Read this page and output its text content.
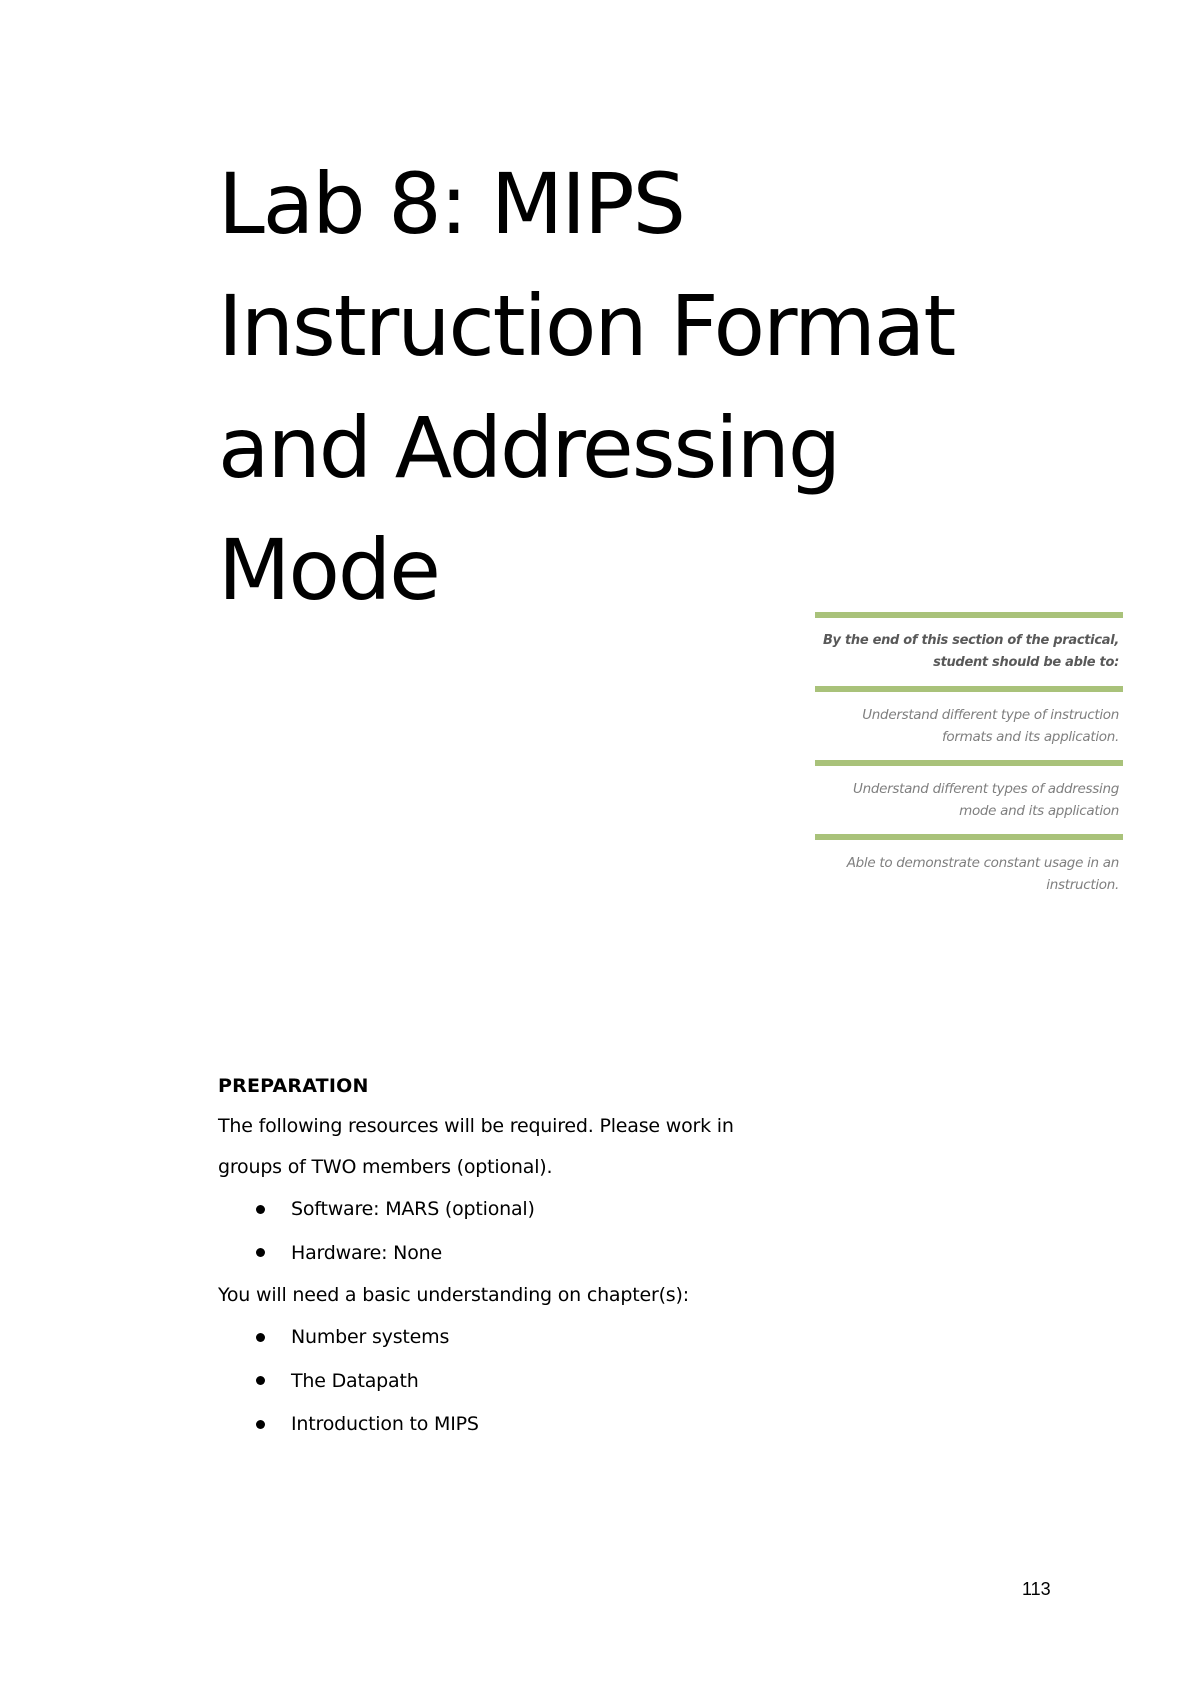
Lab 8: MIPS
Instruction Format
and Addressing
Mode
By the end of this section of the practical, student should be able to:
Understand different type of instruction formats and its application.
Understand different types of addressing mode and its application
Able to demonstrate constant usage in an instruction.
PREPARATION

The following resources will be required. Please work in groups of TWO members (optional).

Software: MARS (optional)
Hardware: None

You will need a basic understanding on chapter(s):

Number systems
The Datapath
Introduction to MIPS
113
